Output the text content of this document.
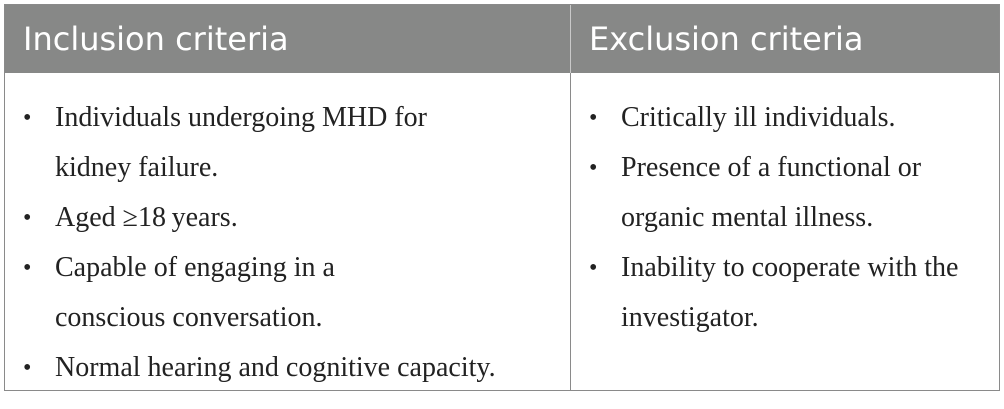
Inclusion criteria	Exclusion criteria
• Individuals undergoing MHD for kidney failure.
• Aged ≥18 years.
• Capable of engaging in a conscious conversation.
• Normal hearing and cognitive capacity.
• Critically ill individuals.
• Presence of a functional or organic mental illness.
• Inability to cooperate with the investigator.
